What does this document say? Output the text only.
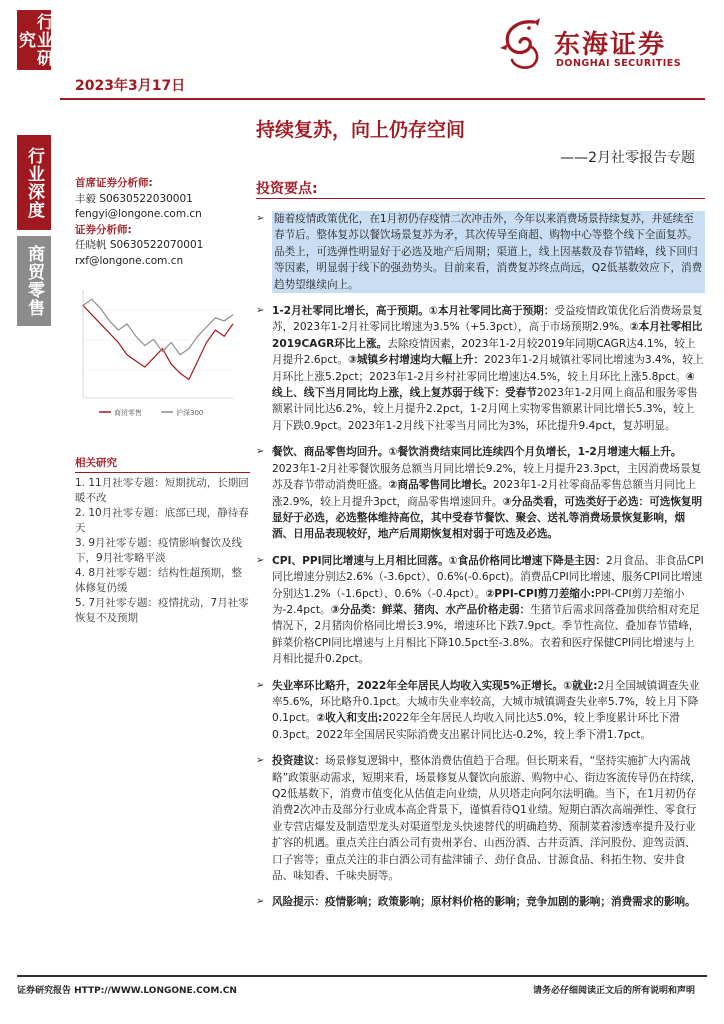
行业研究
行业深度
商贸零售
2023年3月17日
东海证券
DONGHAI SECURITIES
持续复苏，向上仍存空间
——2月社零报告专题
首席证券分析师:
丰毅 S0630522030001
fengyi@longone.com.cn
证券分析师:
任晓帆 S0630522070001
rxf@longone.com.cn
商贸零售	沪深300
相关研究

1. 11月社零专题：短期扰动，长期回暖不改

2. 10月社零专题：底部已现，静待春天

3. 9月社零专题：疫情影响餐饮及线下，9月社零略平淡

4. 8月社零专题：结构性超预期，整体修复仍缓

5. 7月社零专题：疫情扰动，7月社零恢复不及预期

投资要点:
➢ 随着疫情政策优化，在1月初仍存疫情二次冲击外，今年以来消费场景持续复苏，并延续至春节后。整体复苏以餐饮场景复苏为矛，其次传导至商超、购物中心等整个线下全面复苏。品类上，可选弹性明显好于必选及地产后周期；渠道上，线上因基数及春节错峰，线下回归等因素，明显弱于线下的强劲势头。目前来看，消费复苏终点尚远，Q2低基数效应下，消费趋势望继续向上。
➢ 1-2月社零同比增长，高于预期。①本月社零同比高于预期：受益疫情政策优化后消费场景复苏，2023年1-2月社零同比增速为3.5%（+5.3pct），高于市场预期2.9%。②本月社零相比2019CAGR环比上涨。去除疫情因素，2023年1-2月较2019年同期CAGR达4.1%，较上月提升2.6pct。③城镇乡村增速均大幅上升：2023年1-2月城镇社零同比增速为3.4%，较上月环比上涨5.2pct；2023年1-2月乡村社零同比增速达4.5%，较上月环比上涨5.8pct。④线上、线下当月同比均上涨，线上复苏弱于线下：受春节2023年1-2月网上商品和服务零售额累计同比达6.2%，较上月提升2.2pct，1-2月网上实物零售额累计同比增长5.3%，较上月下跌0.9pct。2023年1-2月线下社零当月同比为3%，环比提升9.4pct，复苏明显。
➢ 餐饮、商品零售均回升。①餐饮消费结束同比连续四个月负增长，1-2月增速大幅上升。2023年1-2月社零餐饮服务总额当月同比增长9.2%，较上月提升23.3pct，主因消费场景复苏及春节带动消费旺盛。②商品零售同比增长。2023年1-2月社零商品零售总额当月同比上涨2.9%，较上月提升3pct，商品零售增速回升。③分品类看，可选类好于必选：可选恢复明显好于必选，必选整体维持高位，其中受春节餐饮、聚会、送礼等消费场景恢复影响，烟酒、日用品表现较好，地产后周期恢复相对弱于可选及必选。
➢ CPI、PPI同比增速与上月相比回落。①食品价格同比增速下降是主因：2月食品、非食品CPI同比增速分别达2.6%（-3.6pct）、0.6%(-0.6pct)。消费品CPI同比增速、服务CPI同比增速分别达1.2%（-1.6pct）、0.6%（-0.4pct）。②PPI-CPI剪刀差缩小:PPI-CPI剪刀差缩小为-2.4pct。③分品类：鲜菜、猪肉、水产品价格走弱：生猪节后需求回落叠加供给相对充足情况下，2月猪肉价格同比增长3.9%，增速环比下跌7.9pct。季节性高位、叠加春节错峰，鲜菜价格CPI同比增速与上月相比下降10.5pct至-3.8%。衣着和医疗保健CPI同比增速与上月相比提升0.2pct。
➢ 失业率环比略升，2022年全年居民人均收入实现5%正增长。①就业:2月全国城镇调查失业率5.6%，环比略升0.1pct。大城市失业率较高，大城市城镇调查失业率5.7%，较上月下降0.1pct。②收入和支出:2022年全年居民人均收入同比达5.0%，较上季度累计环比下滑0.3pct。2022年全国居民实际消费支出累计同比达-0.2%，较上季下滑1.7pct。
➢ 投资建议：场景修复逻辑中，整体消费估值趋于合理。但长期来看，“坚持实施扩大内需战略”政策驱动需求，短期来看，场景修复从餐饮向旅游、购物中心、街边客流传导仍在持续，Q2低基数下，消费市值变化从估值走向业绩，从贝塔走向阿尔法明确。当下，在1月初仍存消费2次冲击及部分行业成本高企背景下，谨慎看待Q1业绩。短期白酒次高端弹性、零食行业专营店爆发及制造型龙头对渠道型龙头快速替代的明确趋势、预制菜着渗透率提升及行业扩容的机遇。重点关注白酒公司有贵州茅台、山西汾酒、古井贡酒、洋河股份、迎驾贡酒、口子窖等；重点关注的非白酒公司有盐津铺子、劲仔食品、甘源食品、科拓生物、安井食品、味知香、千味央厨等。
➢ 风险提示：疫情影响；政策影响；原材料价格的影响；竞争加剧的影响；消费需求的影响。
证券研究报告 HTTP://WWW.LONGONE.COM.CN	请务必仔细阅读正文后的所有说明和声明
